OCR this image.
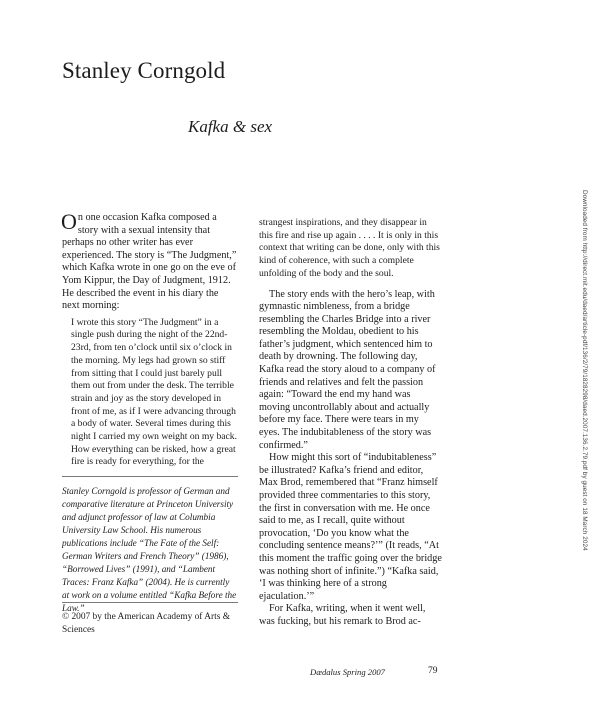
Stanley Corngold
Kafka & sex

On one occasion Kafka composed a story with a sexual intensity that perhaps no other writer has ever experienced. The story is “The Judgment,” which Kafka wrote in one go on the eve of Yom Kippur, the Day of Judgment, 1912. He described the event in his diary the next morning:

I wrote this story “The Judgment” in a single push during the night of the 22nd-23rd, from ten o’clock until six o’clock in the morning. My legs had grown so stiff from sitting that I could just barely pull them out from under the desk. The terrible strain and joy as the story developed in front of me, as if I were advancing through a body of water. Several times during this night I carried my own weight on my back. How everything can be risked, how a great fire is ready for everything, for the

strangest inspirations, and they disappear in this fire and rise up again . . . . It is only in this context that writing can be done, only with this kind of coherence, with such a complete unfolding of the body and the soul.

The story ends with the hero’s leap, with gymnastic nimbleness, from a bridge resembling the Charles Bridge into a river resembling the Moldau, obedient to his father’s judgment, which sentenced him to death by drowning. The following day, Kafka read the story aloud to a company of friends and relatives and felt the passion again: “Toward the end my hand was moving uncontrollably about and actually before my face. There were tears in my eyes. The indubitableness of the story was confirmed.”

How might this sort of “indubitableness” be illustrated? Kafka’s friend and editor, Max Brod, remembered that “Franz himself provided three commentaries to this story, the first in conversation with me. He once said to me, as I recall, quite without provocation, ‘Do you know what the concluding sentence means?’” (It reads, “At this moment the traffic going over the bridge was nothing short of infinite.”) “Kafka said, ‘I was thinking here of a strong ejaculation.’”

For Kafka, writing, when it went well, was fucking, but his remark to Brod ac-

Stanley Corngold is professor of German and comparative literature at Princeton University and adjunct professor of law at Columbia University Law School. His numerous publications include “The Fate of the Self: German Writers and French Theory” (1986), “Borrowed Lives” (1991), and “Lambent Traces: Franz Kafka” (2004). He is currently at work on a volume entitled “Kafka Before the Law.”
© 2007 by the American Academy of Arts & Sciences
Dædalus Spring 2007	79
Downloaded from http://direct.mit.edu/daed/article-pdf/136/2/79/1828298/daed.2007.136.2.79.pdf by guest on 18 March 2024
